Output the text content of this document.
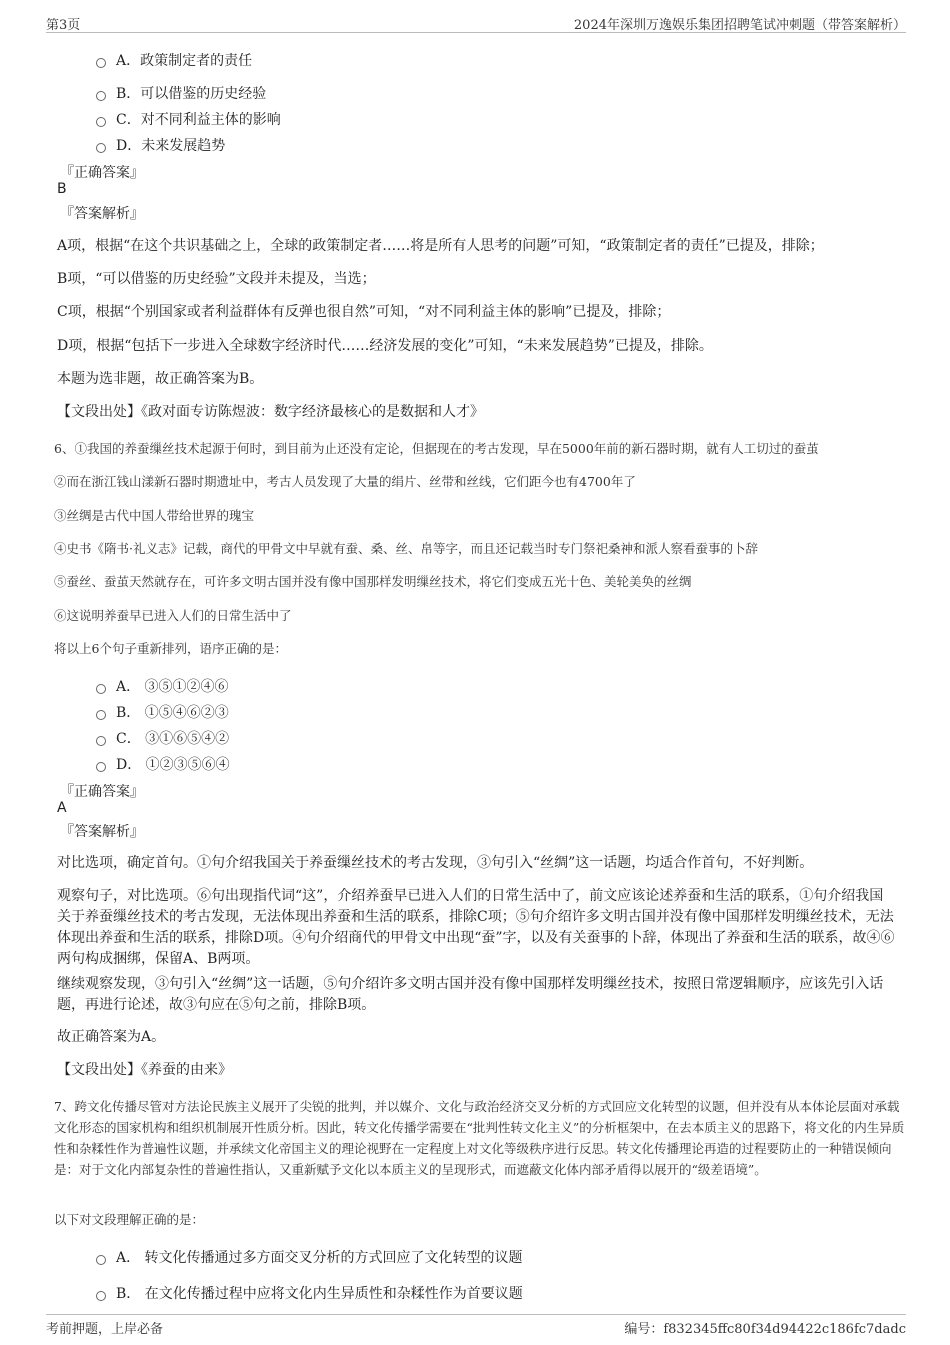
第3页	2024年深圳万逸娱乐集团招聘笔试冲刺题（带答案解析）
A．政策制定者的责任
B．可以借鉴的历史经验
C．对不同利益主体的影响
D．未来发展趋势
『正确答案』
B
『答案解析』
A项，根据“在这个共识基础之上，全球的政策制定者……将是所有人思考的问题”可知，“政策制定者的责任”已提及，排除；
B项，“可以借鉴的历史经验”文段并未提及，当选；
C项，根据“个别国家或者利益群体有反弹也很自然”可知，“对不同利益主体的影响”已提及，排除；
D项，根据“包括下一步进入全球数字经济时代……经济发展的变化”可知，“未来发展趋势”已提及，排除。
本题为选非题，故正确答案为B。
【文段出处】《政对面专访陈煜波：数字经济最核心的是数据和人才》
6、①我国的养蚕缫丝技术起源于何时，到目前为止还没有定论，但据现在的考古发现，早在5000年前的新石器时期，就有人工切过的蚕茧
②而在浙江钱山漾新石器时期遗址中，考古人员发现了大量的绢片、丝带和丝线，它们距今也有4700年了
③丝绸是古代中国人带给世界的瑰宝
④史书《隋书·礼义志》记载，商代的甲骨文中早就有蚕、桑、丝、帛等字，而且还记载当时专门祭祀桑神和派人察看蚕事的卜辞
⑤蚕丝、蚕茧天然就存在，可许多文明古国并没有像中国那样发明缫丝技术，将它们变成五光十色、美轮美奂的丝绸
⑥这说明养蚕早已进入人们的日常生活中了
将以上6个句子重新排列，语序正确的是：
A． ③⑤①②④⑥
B． ①⑤④⑥②③
C． ③①⑥⑤④②
D． ①②③⑤⑥④
『正确答案』
A
『答案解析』
对比选项，确定首句。①句介绍我国关于养蚕缫丝技术的考古发现，③句引入“丝绸”这一话题，均适合作首句，不好判断。
观察句子，对比选项。⑥句出现指代词“这”，介绍养蚕早已进入人们的日常生活中了，前文应该论述养蚕和生活的联系，①句介绍我国关于养蚕缫丝技术的考古发现，无法体现出养蚕和生活的联系，排除C项；⑤句介绍许多文明古国并没有像中国那样发明缫丝技术，无法体现出养蚕和生活的联系，排除D项。④句介绍商代的甲骨文中出现“蚕”字，以及有关蚕事的卜辞，体现出了养蚕和生活的联系，故④⑥两句构成捆绑，保留A、B两项。
继续观察发现，③句引入“丝绸”这一话题，⑤句介绍许多文明古国并没有像中国那样发明缫丝技术，按照日常逻辑顺序，应该先引入话题，再进行论述，故③句应在⑤句之前，排除B项。
故正确答案为A。
【文段出处】《养蚕的由来》
7、跨文化传播尽管对方法论民族主义展开了尖锐的批判，并以媒介、文化与政治经济交叉分析的方式回应文化转型的议题，但并没有从本体论层面对承载文化形态的国家机构和组织机制展开性质分析。因此，转文化传播学需要在“批判性转文化主义”的分析框架中，在去本质主义的思路下，将文化的内生异质性和杂糅性作为普遍性议题，并承续文化帝国主义的理论视野在一定程度上对文化等级秩序进行反思。转文化传播理论再造的过程要防止的一种错误倾向是：对于文化内部复杂性的普遍性指认，又重新赋予文化以本质主义的呈现形式，而遮蔽文化体内部矛盾得以展开的“级差语境”。
以下对文段理解正确的是：
A． 转文化传播通过多方面交叉分析的方式回应了文化转型的议题
B． 在文化传播过程中应将文化内生异质性和杂糅性作为首要议题
考前押题，上岸必备	编号：f832345ffc80f34d94422c186fc7dadc
